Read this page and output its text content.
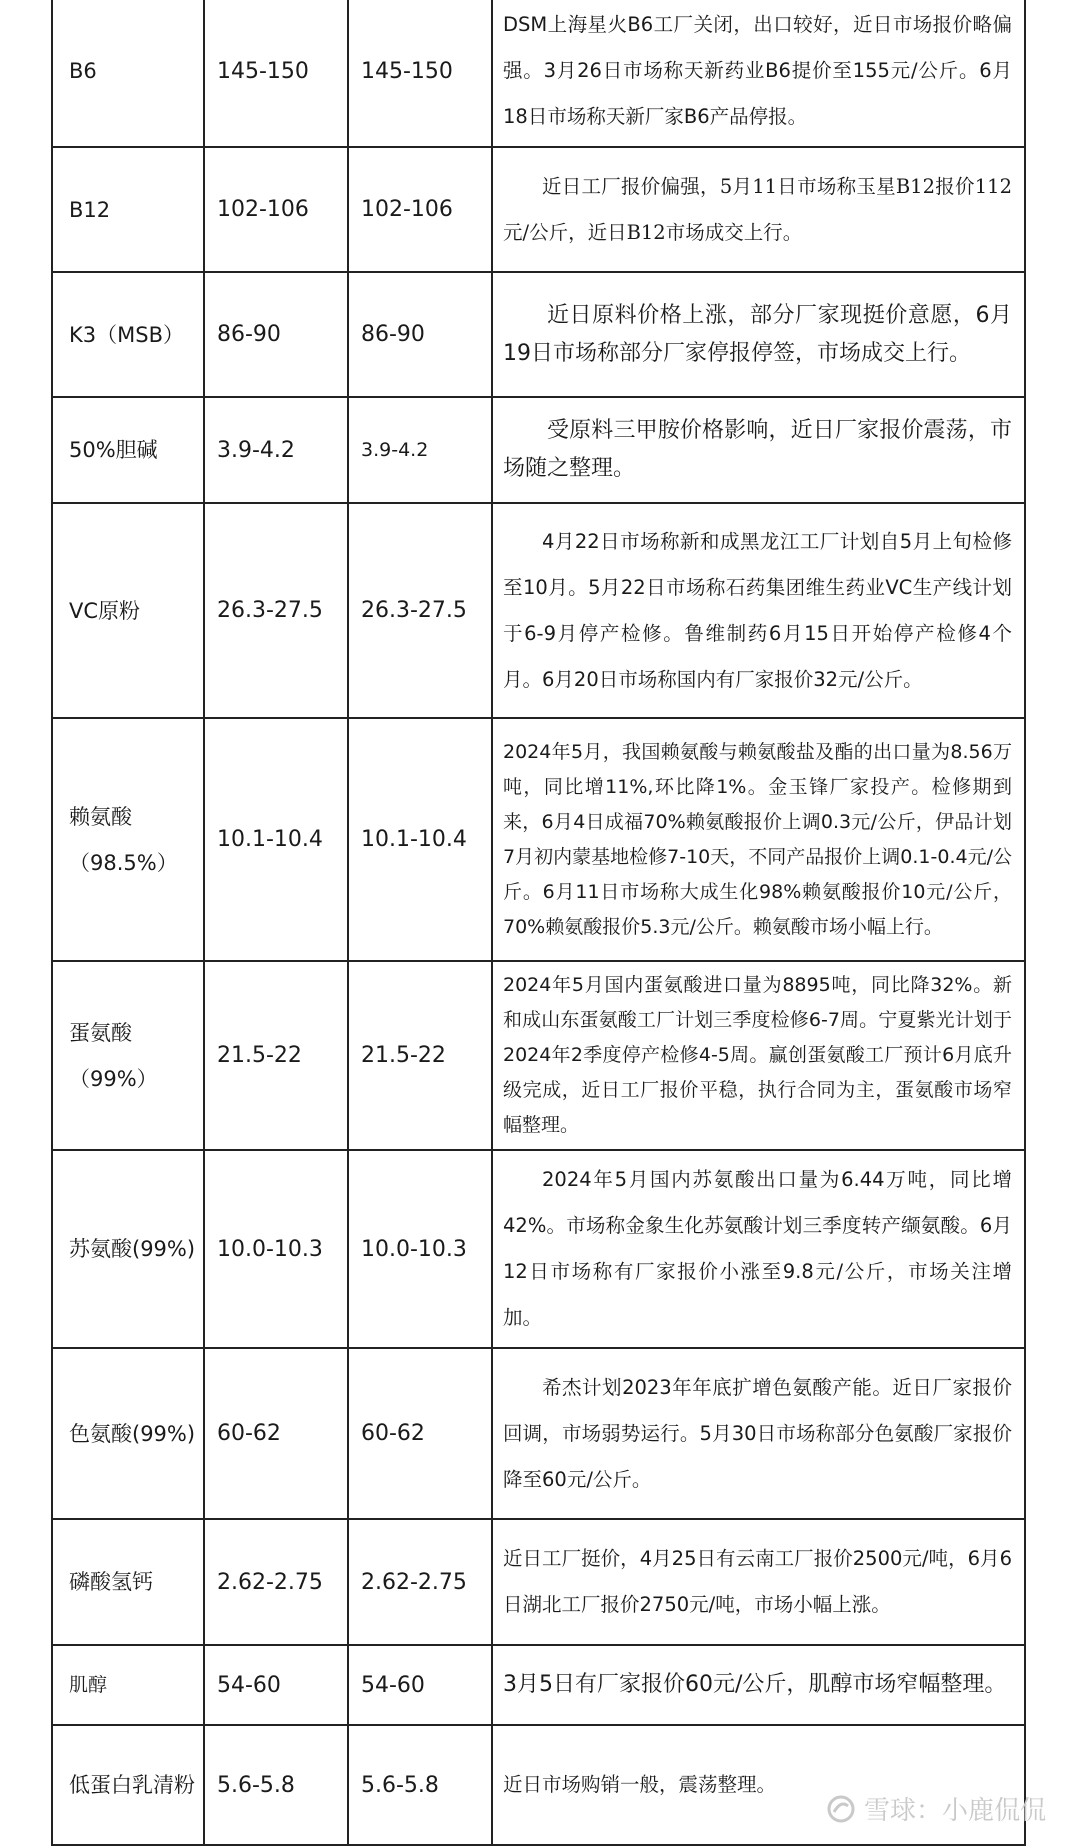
B6	145-150	145-150	DSM上海星火B6工厂关闭，出口较好，近日市场报价略偏强。3月26日市场称天新药业B6提价至155元/公斤。6月18日市场称天新厂家B6产品停报。
B12	102-106	102-106	近日工厂报价偏强，5月11日市场称玉星B12报价112元/公斤，近日B12市场成交上行。
K3（MSB）	86-90	86-90	近日原料价格上涨，部分厂家现挺价意愿，6月19日市场称部分厂家停报停签，市场成交上行。
50%胆碱	3.9-4.2	3.9-4.2	受原料三甲胺价格影响，近日厂家报价震荡，市场随之整理。
VC原粉	26.3-27.5	26.3-27.5	4月22日市场称新和成黑龙江工厂计划自5月上旬检修至10月。5月22日市场称石药集团维生药业VC生产线计划于6-9月停产检修。鲁维制药6月15日开始停产检修4个月。6月20日市场称国内有厂家报价32元/公斤。
赖氨酸（98.5%）	10.1-10.4	10.1-10.4	2024年5月，我国赖氨酸与赖氨酸盐及酯的出口量为8.56万吨，同比增11%,环比降1%。金玉锋厂家投产。检修期到来，6月4日成福70%赖氨酸报价上调0.3元/公斤，伊品计划7月初内蒙基地检修7-10天，不同产品报价上调0.1-0.4元/公斤。6月11日市场称大成生化98%赖氨酸报价10元/公斤，70%赖氨酸报价5.3元/公斤。赖氨酸市场小幅上行。
蛋氨酸（99%）	21.5-22	21.5-22	2024年5月国内蛋氨酸进口量为8895吨，同比降32%。新和成山东蛋氨酸工厂计划三季度检修6-7周。宁夏紫光计划于2024年2季度停产检修4-5周。赢创蛋氨酸工厂预计6月底升级完成，近日工厂报价平稳，执行合同为主，蛋氨酸市场窄幅整理。
苏氨酸(99%)	10.0-10.3	10.0-10.3	2024年5月国内苏氨酸出口量为6.44万吨，同比增42%。市场称金象生化苏氨酸计划三季度转产缬氨酸。6月12日市场称有厂家报价小涨至9.8元/公斤，市场关注增加。
色氨酸(99%)	60-62	60-62	希杰计划2023年年底扩增色氨酸产能。近日厂家报价回调，市场弱势运行。5月30日市场称部分色氨酸厂家报价降至60元/公斤。
磷酸氢钙	2.62-2.75	2.62-2.75	近日工厂挺价，4月25日有云南工厂报价2500元/吨，6月6日湖北工厂报价2750元/吨，市场小幅上涨。
肌醇	54-60	54-60	3月5日有厂家报价60元/公斤，肌醇市场窄幅整理。
低蛋白乳清粉	5.6-5.8	5.6-5.8	近日市场购销一般，震荡整理。
雪球：小鹿侃侃
